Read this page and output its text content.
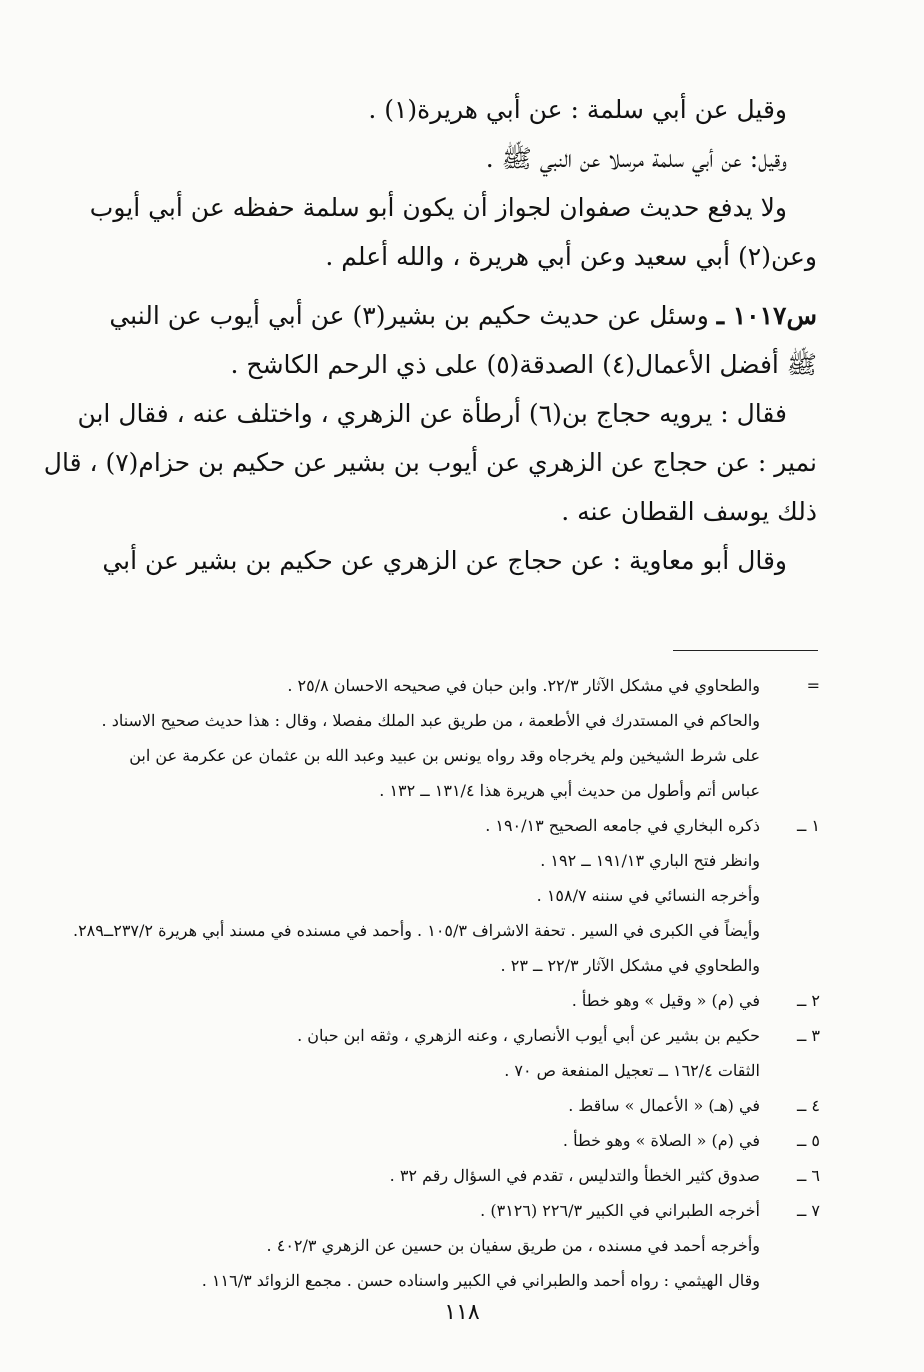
وقيل عن أبي سلمة : عن أبي هريرة(١) .
وقيل: عن أبي سلمة مرسلا عن النبي ﷺ .
ولا يدفع حديث صفوان لجواز أن يكون أبو سلمة حفظه عن أبي أيوب
وعن(٢) أبي سعيد وعن أبي هريرة ، والله أعلم .
س١٠١٧ ـ وسئل عن حديث حكيم بن بشير(٣) عن أبي أيوب عن النبي
ﷺ أفضل الأعمال(٤) الصدقة(٥) على ذي الرحم الكاشح .
فقال : يرويه حجاج بن(٦) أرطأة عن الزهري ، واختلف عنه ، فقال ابن
نمير : عن حجاج عن الزهري عن أيوب بن بشير عن حكيم بن حزام(٧) ، قال
ذلك يوسف القطان عنه .
وقال أبو معاوية : عن حجاج عن الزهري عن حكيم بن بشير عن أبي
=
والطحاوي في مشكل الآثار ٢٢/٣. وابن حبان في صحيحه الاحسان ٢٥/٨ .
والحاكم في المستدرك في الأطعمة ، من طريق عبد الملك مفصلا ، وقال : هذا حديث صحيح الاسناد .
على شرط الشيخين ولم يخرجاه وقد رواه يونس بن عبيد وعبد الله بن عثمان عن عكرمة عن ابن
عباس أتم وأطول من حديث أبي هريرة هذا ١٣١/٤ ــ ١٣٢ .
١ ــ
ذكره البخاري في جامعه الصحيح ١٩٠/١٣ .
وانظر فتح الباري ١٩١/١٣ ــ ١٩٢ .
وأخرجه النسائي في سننه ١٥٨/٧ .
وأيضاً في الكبرى في السير . تحفة الاشراف ١٠٥/٣ . وأحمد في مسنده في مسند أبي هريرة ٢٣٧/٢ــ٢٨٩.
والطحاوي في مشكل الآثار ٢٢/٣ ــ ٢٣ .
٢ ــ
في (م) « وقيل » وهو خطأ .
٣ ــ
حكيم بن بشير عن أبي أيوب الأنصاري ، وعنه الزهري ، وثقه ابن حبان .
الثقات ١٦٢/٤ ــ تعجيل المنفعة ص ٧٠ .
٤ ــ
في (هـ) « الأعمال » ساقط .
٥ ــ
في (م) « الصلاة » وهو خطأ .
٦ ــ
صدوق كثير الخطأ والتدليس ، تقدم في السؤال رقم ٣٢ .
٧ ــ
أخرجه الطبراني في الكبير ٢٢٦/٣ (٣١٢٦) .
وأخرجه أحمد في مسنده ، من طريق سفيان بن حسين عن الزهري ٤٠٢/٣ .
وقال الهيثمي : رواه أحمد والطبراني في الكبير واسناده حسن . مجمع الزوائد ١١٦/٣ .
١١٨
